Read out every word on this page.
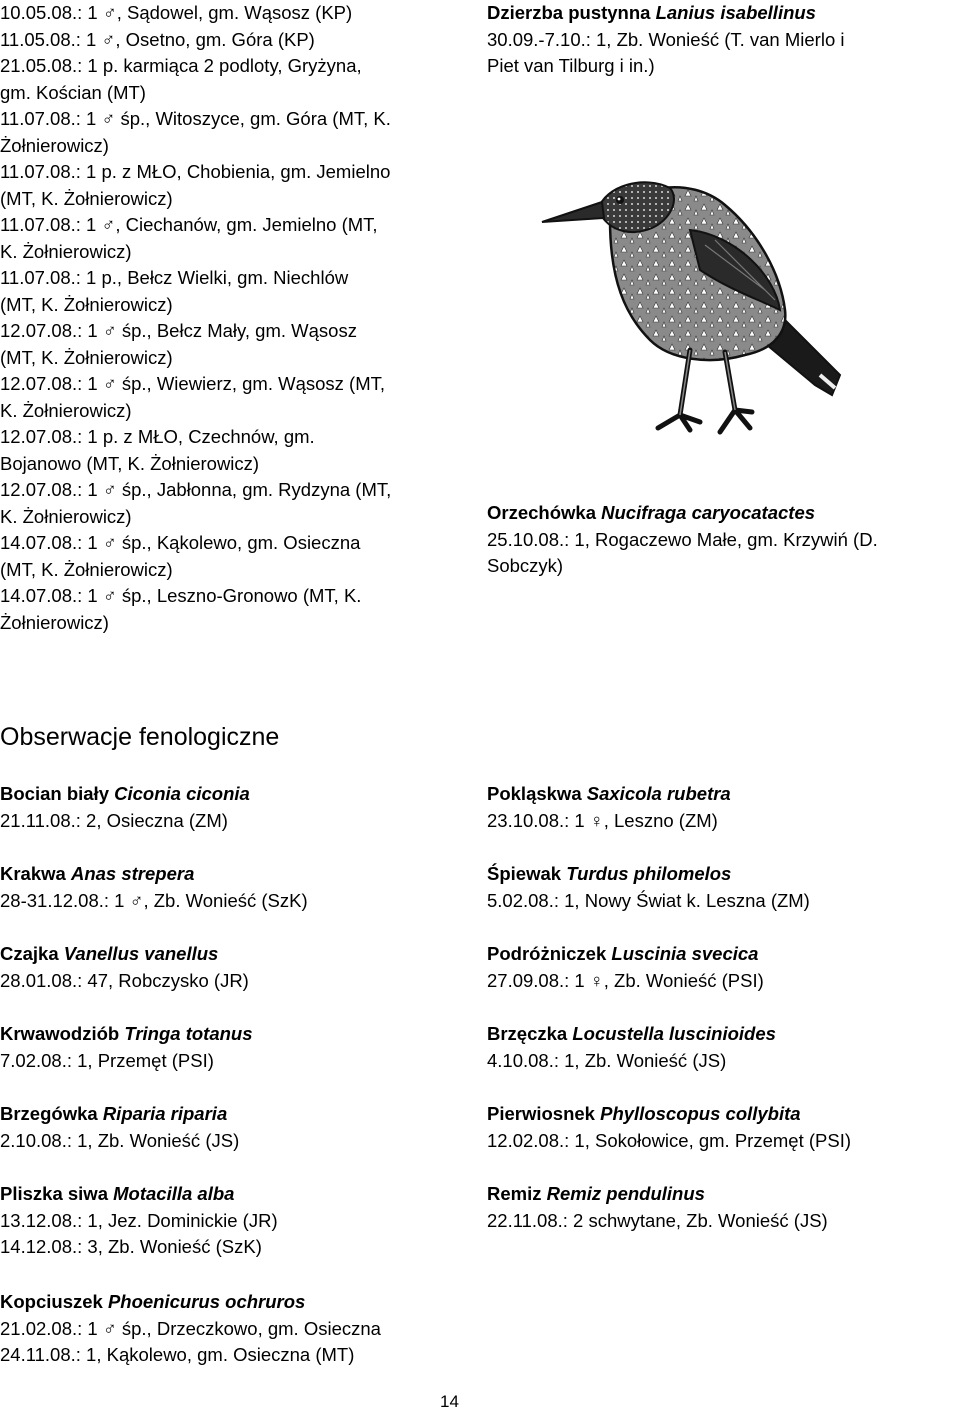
10.05.08.: 1 ♂, Sądowel, gm. Wąsosz (KP)
11.05.08.: 1 ♂, Osetno, gm. Góra (KP)
21.05.08.: 1 p. karmiąca 2 podloty, Gryżyna,
gm. Kościan (MT)
11.07.08.: 1 ♂ śp., Witoszyce, gm. Góra (MT, K.
Żołnierowicz)
11.07.08.: 1 p. z MŁO, Chobienia, gm. Jemielno
(MT, K. Żołnierowicz)
11.07.08.: 1 ♂, Ciechanów, gm. Jemielno (MT,
K. Żołnierowicz)
11.07.08.: 1 p., Bełcz Wielki, gm. Niechlów
(MT, K. Żołnierowicz)
12.07.08.: 1 ♂ śp., Bełcz Mały, gm. Wąsosz
(MT, K. Żołnierowicz)
12.07.08.: 1 ♂ śp., Wiewierz, gm. Wąsosz (MT,
K. Żołnierowicz)
12.07.08.: 1 p. z MŁO, Czechnów, gm.
Bojanowo (MT, K. Żołnierowicz)
12.07.08.: 1 ♂ śp., Jabłonna, gm. Rydzyna (MT,
K. Żołnierowicz)
14.07.08.: 1 ♂ śp., Kąkolewo, gm. Osieczna
(MT, K. Żołnierowicz)
14.07.08.: 1 ♂ śp., Leszno-Gronowo (MT, K.
Żołnierowicz)
Dzierzba pustynna Lanius isabellinus
30.09.-7.10.: 1, Zb. Wonieść (T. van Mierlo i
Piet van Tilburg i in.)
Orzechówka Nucifraga caryocatactes
25.10.08.: 1, Rogaczewo Małe, gm. Krzywiń (D.
Sobczyk)
Obserwacje fenologiczne
Bocian biały Ciconia ciconia
21.11.08.: 2, Osieczna (ZM)
Krakwa Anas strepera
28-31.12.08.: 1 ♂, Zb. Wonieść (SzK)
Czajka Vanellus vanellus
28.01.08.: 47, Robczysko (JR)
Krwawodziób Tringa totanus
7.02.08.: 1, Przemęt (PSI)
Brzegówka Riparia riparia
2.10.08.: 1, Zb. Wonieść (JS)
Pliszka siwa Motacilla alba
13.12.08.: 1, Jez. Dominickie (JR)
14.12.08.: 3, Zb. Wonieść (SzK)
Pokląskwa Saxicola rubetra
23.10.08.: 1 ♀, Leszno (ZM)
Śpiewak Turdus philomelos
5.02.08.: 1, Nowy Świat k. Leszna (ZM)
Podróżniczek Luscinia svecica
27.09.08.: 1 ♀, Zb. Wonieść (PSI)
Brzęczka Locustella luscinioides
4.10.08.: 1, Zb. Wonieść (JS)
Pierwiosnek Phylloscopus collybita
12.02.08.: 1, Sokołowice, gm. Przemęt (PSI)
Remiz Remiz pendulinus
22.11.08.: 2 schwytane, Zb. Wonieść (JS)
Kopciuszek Phoenicurus ochruros
21.02.08.: 1 ♂ śp., Drzeczkowo, gm. Osieczna
24.11.08.: 1, Kąkolewo, gm. Osieczna (MT)
14
